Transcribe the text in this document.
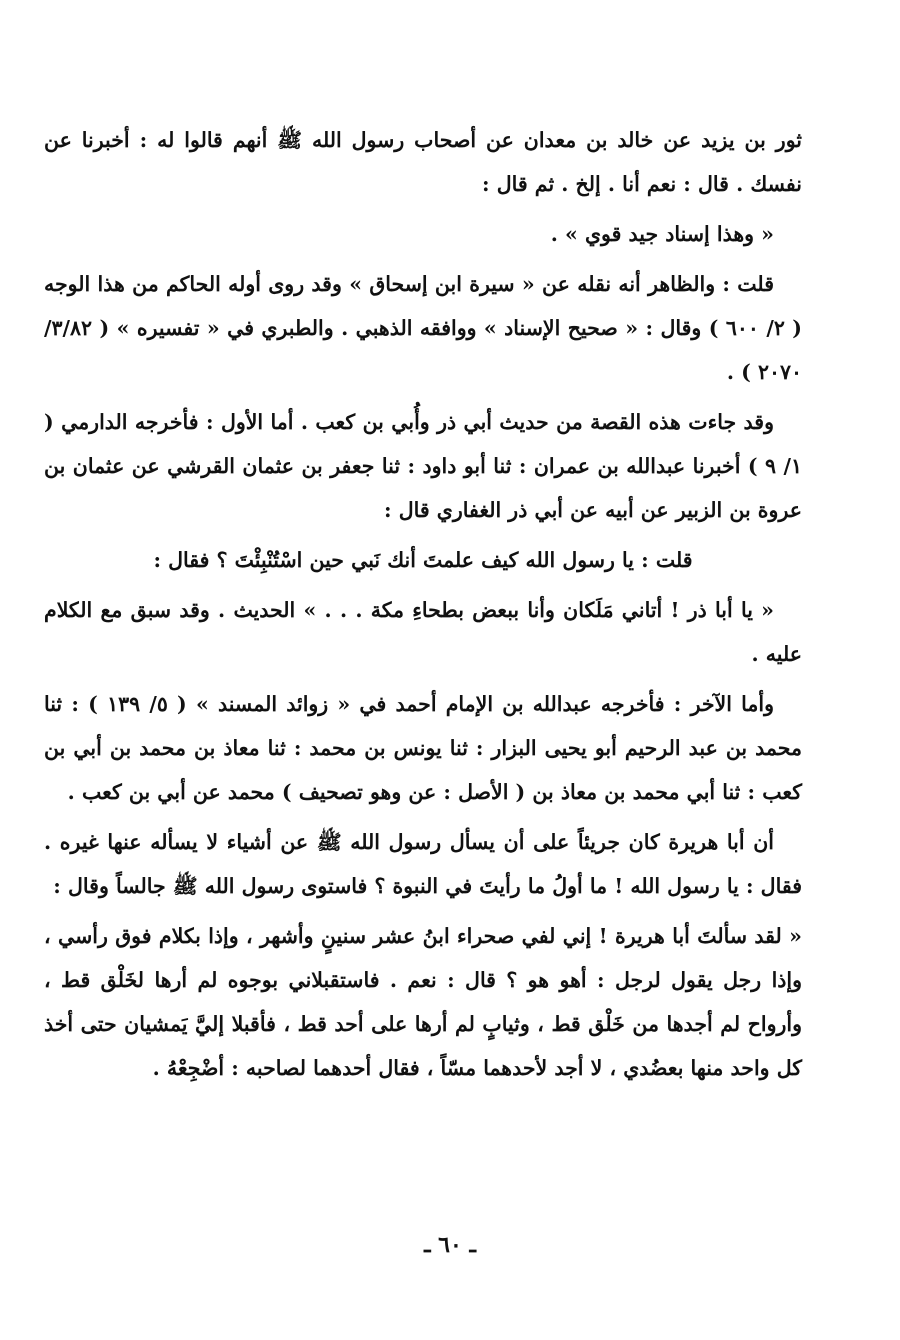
ثور بن يزيد عن خالد بن معدان عن أصحاب رسول الله ﷺ أنهم قالوا له : أخبرنا عن نفسك . قال : نعم أنا . إلخ . ثم قال :

« وهذا إسناد جيد قوي » .

قلت : والظاهر أنه نقله عن « سيرة ابن إسحاق » وقد روى أوله الحاكم من هذا الوجه ( ٢/ ٦٠٠ ) وقال : « صحيح الإسناد » ووافقه الذهبي . والطبري في « تفسيره » ( ٣/٨٢/ ٢٠٧٠ ) .

وقد جاءت هذه القصة من حديث أبي ذر وأُبي بن كعب . أما الأول : فأخرجه الدارمي ( ١/ ٩ ) أخبرنا عبدالله بن عمران : ثنا أبو داود : ثنا جعفر بن عثمان القرشي عن عثمان بن عروة بن الزبير عن أبيه عن أبي ذر الغفاري قال :

قلت : يا رسول الله كيف علمتَ أنك نَبي حين اسْتُنْبِئْتَ ؟ فقال :

« يا أبا ذر ! أتاني مَلَكان وأنا ببعض بطحاءِ مكة . . . » الحديث . وقد سبق مع الكلام عليه .

وأما الآخر : فأخرجه عبدالله بن الإمام أحمد في « زوائد المسند » ( ٥/ ١٣٩ ) : ثنا محمد بن عبد الرحيم أبو يحيى البزار : ثنا يونس بن محمد : ثنا معاذ بن محمد بن أبي بن كعب : ثنا أبي محمد بن معاذ بن ( الأصل : عن وهو تصحيف ) محمد عن أبي بن كعب .

أن أبا هريرة كان جريئاً على أن يسأل رسول الله ﷺ عن أشياء لا يسأله عنها غيره . فقال : يا رسول الله ! ما أولُ ما رأيتَ في النبوة ؟ فاستوى رسول الله ﷺ جالساً وقال :

« لقد سألتَ أبا هريرة ! إني لفي صحراء ابنُ عشر سنينٍ وأشهر ، وإذا بكلام فوق رأسي ، وإذا رجل يقول لرجل : أهو هو ؟ قال : نعم . فاستقبلاني بوجوه لم أرها لخَلْق قط ، وأرواح لم أجدها من خَلْق قط ، وثيابٍ لم أرها على أحد قط ، فأقبلا إليَّ يَمشيان حتى أخذ كل واحد منها بعضُدي ، لا أجد لأحدهما مسّاً ، فقال أحدهما لصاحبه : أضْجِعْهُ .

ـ ٦٠ ـ
